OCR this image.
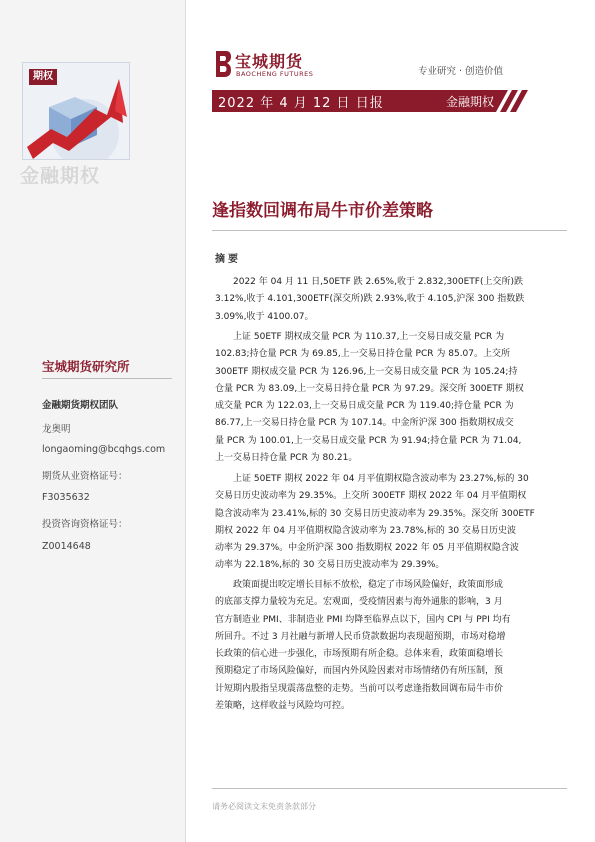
期权
金融期权
宝城期货研究所
金融期货期权团队
龙奥明
longaoming@bcqhgs.com
期货从业资格证号：
F3035632
投资咨询资格证号：
Z0014648
宝城期货
BAOCHENG FUTURES	专业研究 · 创造价值
2022 年 4 月 12 日 日报	金融期权
逢指数回调布局牛市价差策略
摘要
2022 年 04 月 11 日,50ETF 跌 2.65%,收于 2.832,300ETF(上交所)跌
3.12%,收于 4.101,300ETF(深交所)跌 2.93%,收于 4.105,沪深 300 指数跌
3.09%,收于 4100.07。
上证 50ETF 期权成交量 PCR 为 110.37,上一交易日成交量 PCR 为
102.83;持仓量 PCR 为 69.85,上一交易日持仓量 PCR 为 85.07。上交所
300ETF 期权成交量 PCR 为 126.96,上一交易日成交量 PCR 为 105.24;持
仓量 PCR 为 83.09,上一交易日持仓量 PCR 为 97.29。深交所 300ETF 期权
成交量 PCR 为 122.03,上一交易日成交量 PCR 为 119.40;持仓量 PCR 为
86.77,上一交易日持仓量 PCR 为 107.14。中金所沪深 300 指数期权成交
量 PCR 为 100.01,上一交易日成交量 PCR 为 91.94;持仓量 PCR 为 71.04,
上一交易日持仓量 PCR 为 80.21。
上证 50ETF 期权 2022 年 04 月平值期权隐含波动率为 23.27%,标的 30
交易日历史波动率为 29.35%。上交所 300ETF 期权 2022 年 04 月平值期权
隐含波动率为 23.41%,标的 30 交易日历史波动率为 29.35%。深交所 300ETF
期权 2022 年 04 月平值期权隐含波动率为 23.78%,标的 30 交易日历史波
动率为 29.37%。中金所沪深 300 指数期权 2022 年 05 月平值期权隐含波
动率为 22.18%,标的 30 交易日历史波动率为 29.39%。
政策面提出咬定增长目标不放松，稳定了市场风险偏好，政策面形成
的底部支撑力量较为充足。宏观面，受疫情因素与海外通胀的影响，3 月
官方制造业 PMI、非制造业 PMI 均降至临界点以下，国内 CPI 与 PPI 均有
所回升。不过 3 月社融与新增人民币贷款数据均表现超预期，市场对稳增
长政策的信心进一步强化，市场预期有所企稳。总体来看，政策面稳增长
预期稳定了市场风险偏好，而国内外风险因素对市场情绪仍有所压制，预
计短期内股指呈现震荡盘整的走势。当前可以考虑逢指数回调布局牛市价
差策略，这样收益与风险均可控。
请务必阅读文末免责条款部分
